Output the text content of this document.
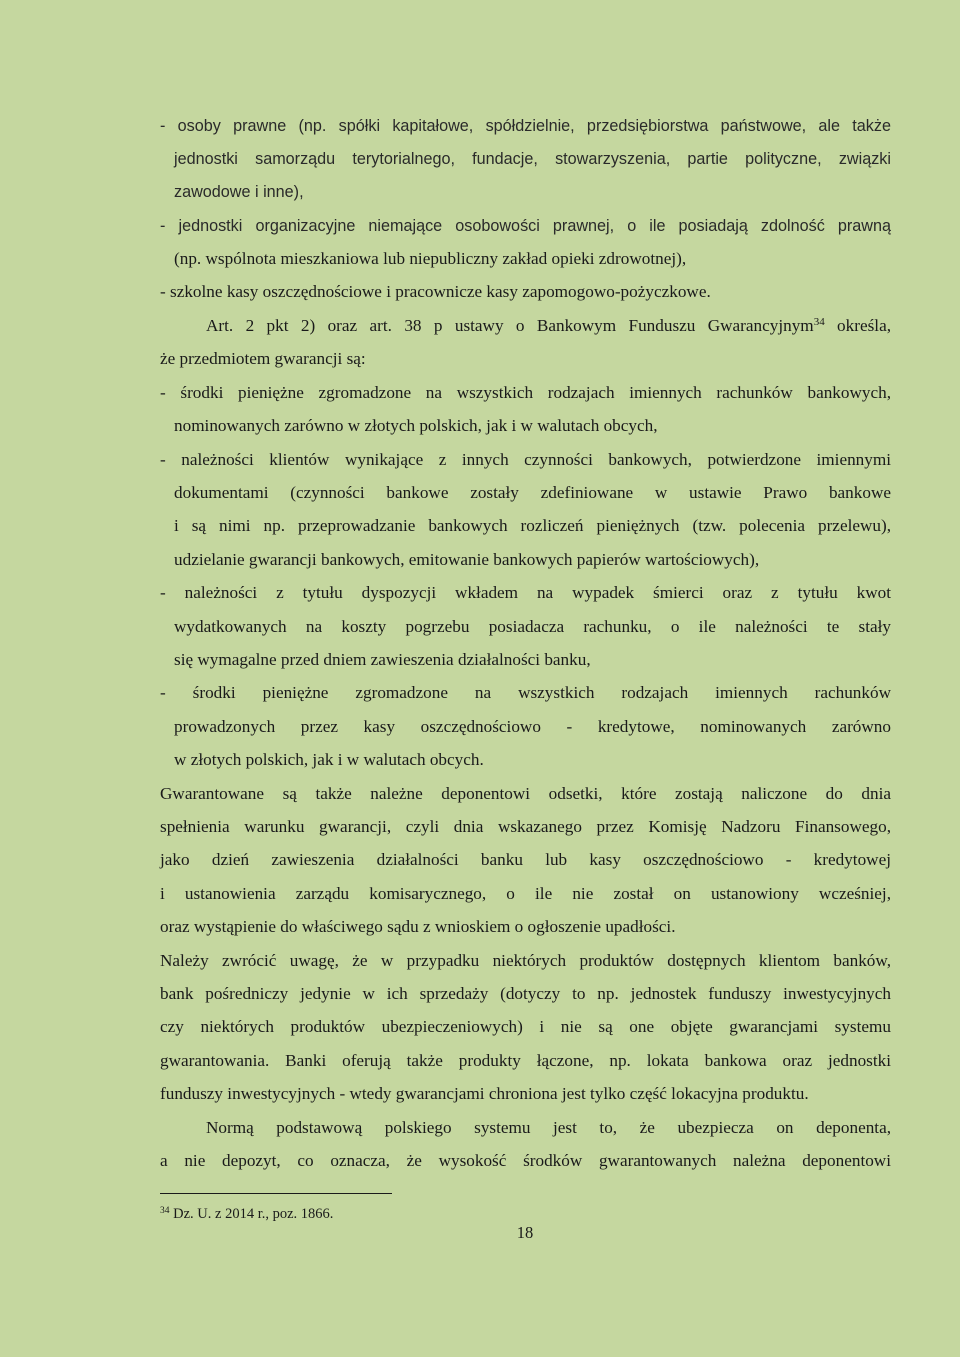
- osoby prawne (np. spółki kapitałowe, spółdzielnie, przedsiębiorstwa państwowe, ale także
jednostki samorządu terytorialnego, fundacje, stowarzyszenia, partie polityczne, związki
zawodowe i inne),
- jednostki organizacyjne niemające osobowości prawnej, o ile posiadają zdolność prawną
(np. wspólnota mieszkaniowa lub niepubliczny zakład opieki zdrowotnej),
- szkolne kasy oszczędnościowe i pracownicze kasy zapomogowo-pożyczkowe.
Art. 2 pkt 2) oraz art. 38 p ustawy o Bankowym Funduszu Gwarancyjnym$^{34}$ określa,
że przedmiotem gwarancji są:
- środki pieniężne zgromadzone na wszystkich rodzajach imiennych rachunków bankowych,
nominowanych zarówno w złotych polskich, jak i w walutach obcych,
- należności klientów wynikające z innych czynności bankowych, potwierdzone imiennymi
dokumentami (czynności bankowe zostały zdefiniowane w ustawie Prawo bankowe
i są nimi np. przeprowadzanie bankowych rozliczeń pieniężnych (tzw. polecenia przelewu),
udzielanie gwarancji bankowych, emitowanie bankowych papierów wartościowych),
- należności z tytułu dyspozycji wkładem na wypadek śmierci oraz z tytułu kwot
wydatkowanych na koszty pogrzebu posiadacza rachunku, o ile należności te stały
się wymagalne przed dniem zawieszenia działalności banku,
- środki pieniężne zgromadzone na wszystkich rodzajach imiennych rachunków
prowadzonych przez kasy oszczędnościowo - kredytowe, nominowanych zarówno
w złotych polskich, jak i w walutach obcych.
Gwarantowane są także należne deponentowi odsetki, które zostają naliczone do dnia
spełnienia warunku gwarancji, czyli dnia wskazanego przez Komisję Nadzoru Finansowego,
jako dzień zawieszenia działalności banku lub kasy oszczędnościowo - kredytowej
i ustanowienia zarządu komisarycznego, o ile nie został on ustanowiony wcześniej,
oraz wystąpienie do właściwego sądu z wnioskiem o ogłoszenie upadłości.
Należy zwrócić uwagę, że w przypadku niektórych produktów dostępnych klientom banków,
bank pośredniczy jedynie w ich sprzedaży (dotyczy to np. jednostek funduszy inwestycyjnych
czy niektórych produktów ubezpieczeniowych) i nie są one objęte gwarancjami systemu
gwarantowania. Banki oferują także produkty łączone, np. lokata bankowa oraz jednostki
funduszy inwestycyjnych - wtedy gwarancjami chroniona jest tylko część lokacyjna produktu.
Normą podstawową polskiego systemu jest to, że ubezpiecza on deponenta,
a nie depozyt, co oznacza, że wysokość środków gwarantowanych należna deponentowi
$^{34}$ Dz. U. z 2014 r., poz. 1866.
18
